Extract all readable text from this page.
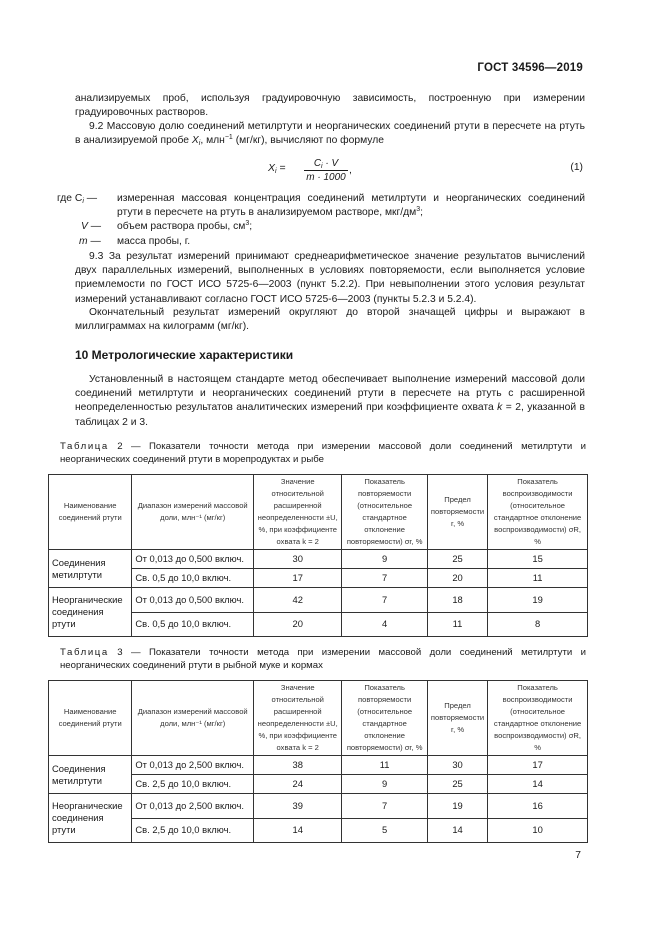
ГОСТ 34596—2019
анализируемых проб, используя градуировочную зависимость, построенную при измерении градуировочных растворов.
9.2 Массовую долю соединений метилртути и неорганических соединений ртути в пересчете на ртуть в анализируемой пробе $X_i$, млн$^{-1}$ (мг/кг), вычисляют по формуле
$X_i = \frac{C_i \cdot V}{m \cdot 1000}$ ,	(1)
где $C_i$ — измеренная массовая концентрация соединений метилртути и неорганических соединений ртути в пересчете на ртуть в анализируемом растворе, мкг/$дм^3$;
V — объем раствора пробы, $см^3$;
m — масса пробы, г.
9.3 За результат измерений принимают среднеарифметическое значение результатов вычислений двух параллельных измерений, выполненных в условиях повторяемости, если выполняется условие приемлемости по ГОСТ ИСО 5725-6—2003 (пункт 5.2.2). При невыполнении этого условия результат измерений устанавливают согласно ГОСТ ИСО 5725-6—2003 (пункты 5.2.3 и 5.2.4).
Окончательный результат измерений округляют до второй значащей цифры и выражают в миллиграммах на килограмм (мг/кг).
10 Метрологические характеристики
Установленный в настоящем стандарте метод обеспечивает выполнение измерений массовой доли соединений метилртути и неорганических соединений ртути в пересчете на ртуть с расширенной неопределенностью результатов аналитических измерений при коэффициенте охвата k = 2, указанной в таблицах 2 и 3.
Таблица 2 — Показатели точности метода при измерении массовой доли соединений метилртути и неорганических соединений ртути в морепродуктах и рыбе
Наименование соединений ртути	Диапазон измерений массовой доли, млн⁻¹ (мг/кг)	Значение относительной расширенной неопределенности ±U, %, при коэффициенте охвата k = 2	Показатель повторяемости (относительное стандартное отклонение повторяемости) σr, %	Предел повторяемости r, %	Показатель воспроизводимости (относительное стандартное отклонение воспроизводимости) σR, %
Соединения метилртути	От 0,013 до 0,500 включ.	30	9	25	15
	Св. 0,5 до 10,0 включ.	17	7	20	11
Неорганические соединения ртути	От 0,013 до 0,500 включ.	42	7	18	19
	Св. 0,5 до 10,0 включ.	20	4	11	8
Таблица 3 — Показатели точности метода при измерении массовой доли соединений метилртути и неорганических соединений ртути в рыбной муке и кормах
Наименование соединений ртути	Диапазон измерений массовой доли, млн⁻¹ (мг/кг)	Значение относительной расширенной неопределенности ±U, %, при коэффициенте охвата k = 2	Показатель повторяемости (относительное стандартное отклонение повторяемости) σr, %	Предел повторяемости r, %	Показатель воспроизводимости (относительное стандартное отклонение воспроизводимости) σR, %
Соединения метилртути	От 0,013 до 2,500 включ.	38	11	30	17
	Св. 2,5 до 10,0 включ.	24	9	25	14
Неорганические соединения ртути	От 0,013 до 2,500 включ.	39	7	19	16
	Св. 2,5 до 10,0 включ.	14	5	14	10
7
